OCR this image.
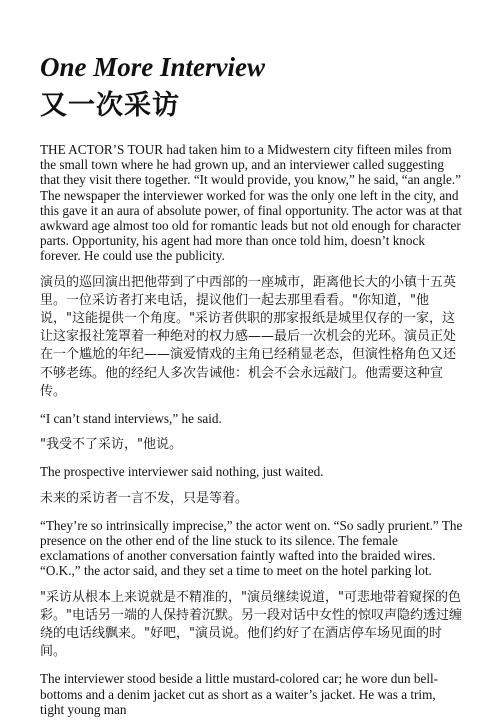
One More Interview
又一次采访

THE ACTOR’S TOUR had taken him to a Midwestern city fifteen miles from the small town where he had grown up, and an interviewer called suggesting that they visit there together. “It would provide, you know,” he said, “an angle.” The newspaper the interviewer worked for was the only one left in the city, and this gave it an aura of absolute power, of final opportunity. The actor was at that awkward age almost too old for romantic leads but not old enough for character parts. Opportunity, his agent had more than once told him, doesn’t knock forever. He could use the publicity.

演员的巡回演出把他带到了中西部的一座城市，距离他长大的小镇十五英里。一位采访者打来电话，提议他们一起去那里看看。"你知道，"他说，"这能提供一个角度。"采访者供职的那家报纸是城里仅存的一家，这让这家报社笼罩着一种绝对的权力感——最后一次机会的光环。演员正处在一个尴尬的年纪——演爱情戏的主角已经稍显老态，但演性格角色又还不够老练。他的经纪人多次告诫他：机会不会永远敲门。他需要这种宣传。

“I can’t stand interviews,” he said.

"我受不了采访，"他说。

The prospective interviewer said nothing, just waited.

未来的采访者一言不发，只是等着。

“They’re so intrinsically imprecise,” the actor went on. “So sadly prurient.” The presence on the other end of the line stuck to its silence. The female exclamations of another conversation faintly wafted into the braided wires. “O.K.,” the actor said, and they set a time to meet on the hotel parking lot.

"采访从根本上来说就是不精准的，"演员继续说道，"可悲地带着窥探的色彩。"电话另一端的人保持着沉默。另一段对话中女性的惊叹声隐约透过缠绕的电话线飘来。"好吧，"演员说。他们约好了在酒店停车场见面的时间。

The interviewer stood beside a little mustard-colored car; he wore dun bell-bottoms and a denim jacket cut as short as a waiter’s jacket. He was a trim, tight young man
